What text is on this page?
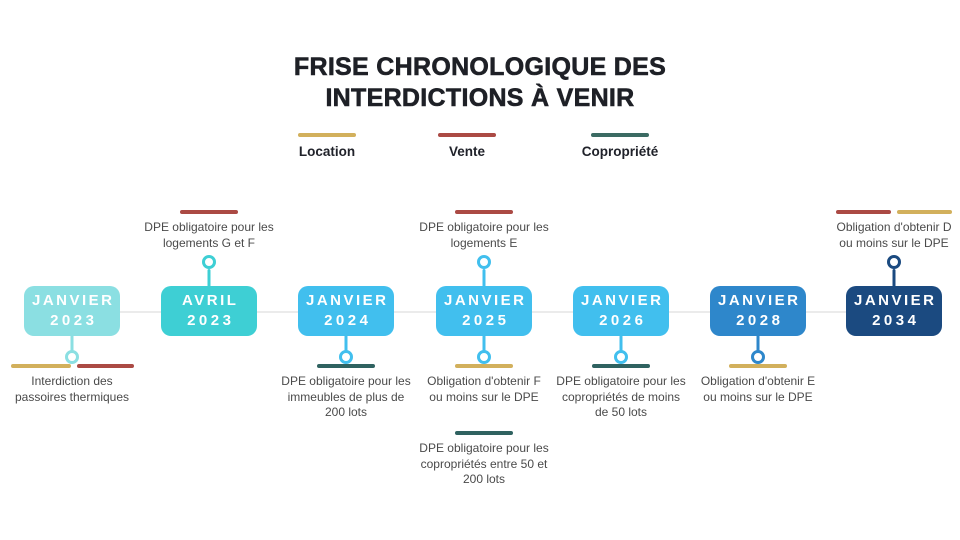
FRISE CHRONOLOGIQUE DES
INTERDICTIONS À VENIR
Location	Vente	Copropriété
JANVIER
2023
Interdiction des
passoires thermiques
AVRIL
2023
DPE obligatoire pour les
logements G et F
JANVIER
2024
DPE obligatoire pour les
immeubles de plus de
200 lots
JANVIER
2025
DPE obligatoire pour les
logements E
Obligation d'obtenir F
ou moins sur le DPE
DPE obligatoire pour les
copropriétés entre 50 et
200 lots
JANVIER
2026
DPE obligatoire pour les
copropriétés de moins
de 50 lots
JANVIER
2028
Obligation d'obtenir E
ou moins sur le DPE
JANVIER
2034
Obligation d'obtenir D
ou moins sur le DPE
